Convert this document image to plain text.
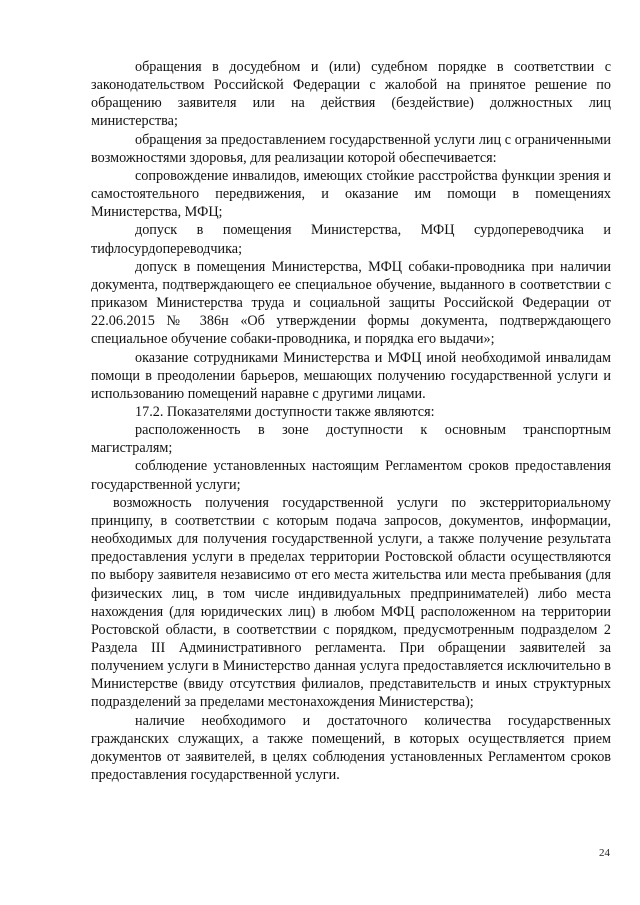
обращения в досудебном и (или) судебном порядке в соответствии с законодательством Российской Федерации с жалобой на принятое решение по обращению заявителя или на действия (бездействие) должностных лиц министерства;

обращения за предоставлением государственной услуги лиц с ограниченными возможностями здоровья, для реализации которой обеспечивается:

сопровождение инвалидов, имеющих стойкие расстройства функции зрения и самостоятельного передвижения, и оказание им помощи в помещениях Министерства, МФЦ;

допуск в помещения Министерства, МФЦ сурдопереводчика и тифлосурдопереводчика;

допуск в помещения Министерства, МФЦ собаки-проводника при наличии документа, подтверждающего ее специальное обучение, выданного в соответствии с приказом Министерства труда и социальной защиты Российской Федерации от 22.06.2015 № 386н «Об утверждении формы документа, подтверждающего специальное обучение собаки-проводника, и порядка его выдачи»;

оказание сотрудниками Министерства и МФЦ иной необходимой инвалидам помощи в преодолении барьеров, мешающих получению государственной услуги и использованию помещений наравне с другими лицами.

17.2. Показателями доступности также являются:

расположенность в зоне доступности к основным транспортным магистралям;

соблюдение установленных настоящим Регламентом сроков предоставления государственной услуги;

возможность получения государственной услуги по экстерриториальному принципу, в соответствии с которым подача запросов, документов, информации, необходимых для получения государственной услуги, а также получение результата предоставления услуги в пределах территории Ростовской области осуществляются по выбору заявителя независимо от его места жительства или места пребывания (для физических лиц, в том числе индивидуальных предпринимателей) либо места нахождения (для юридических лиц) в любом МФЦ расположенном на территории Ростовской области, в соответствии с порядком, предусмотренным подразделом 2 Раздела III Административного регламента. При обращении заявителей за получением услуги в Министерство данная услуга предоставляется исключительно в Министерстве (ввиду отсутствия филиалов, представительств и иных структурных подразделений за пределами местонахождения Министерства);

наличие необходимого и достаточного количества государственных гражданских служащих, а также помещений, в которых осуществляется прием документов от заявителей, в целях соблюдения установленных Регламентом сроков предоставления государственной услуги.

24
